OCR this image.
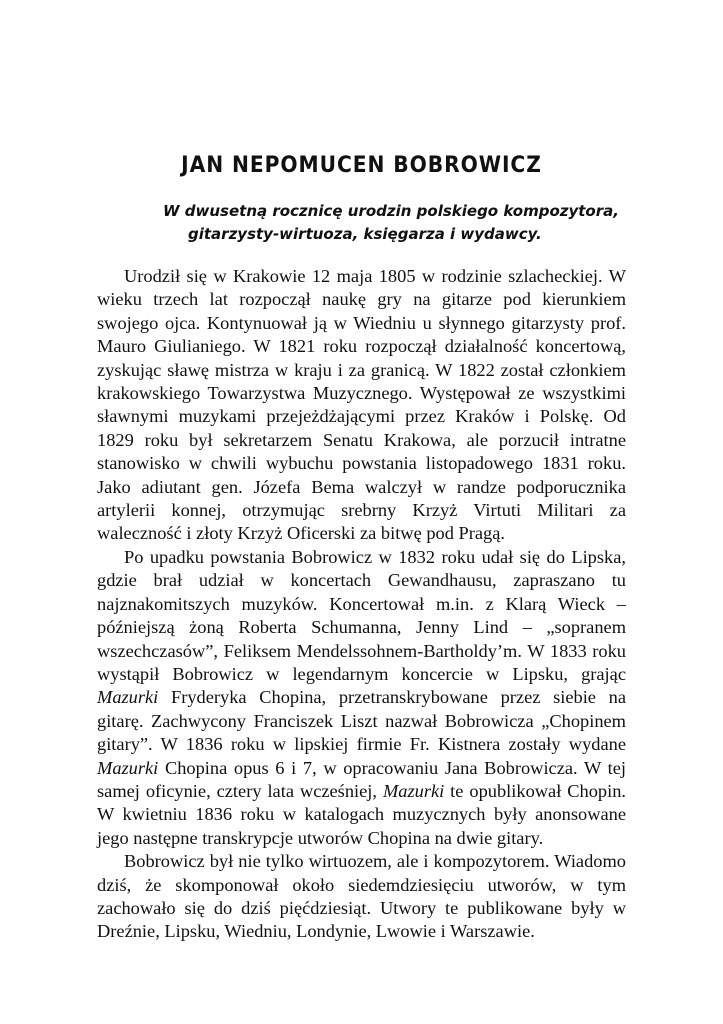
JAN NEPOMUCEN BOBROWICZ
W dwusetną rocznicę urodzin polskiego kompozytora,
gitarzysty-wirtuoza, księgarza i wydawcy.

Urodził się w Krakowie 12 maja 1805 w rodzinie szlacheckiej. W wieku trzech lat rozpoczął naukę gry na gitarze pod kierunkiem swojego ojca. Kontynuował ją w Wiedniu u słynnego gitarzysty prof. Mauro Giulianiego. W 1821 roku rozpoczął działalność koncertową, zyskując sławę mistrza w kraju i za granicą. W 1822 został członkiem krakowskiego Towarzystwa Muzycznego. Występował ze wszystkimi sławnymi muzykami przejeżdżającymi przez Kraków i Polskę. Od 1829 roku był sekretarzem Senatu Krakowa, ale porzucił intratne stanowisko w chwili wybuchu powstania listopadowego 1831 roku. Jako adiutant gen. Józefa Bema walczył w randze podporucznika artylerii konnej, otrzymując srebrny Krzyż Virtuti Militari za waleczność i złoty Krzyż Oficerski za bitwę pod Pragą.

Po upadku powstania Bobrowicz w 1832 roku udał się do Lipska, gdzie brał udział w koncertach Gewandhausu, zapraszano tu najznakomitszych muzyków. Koncertował m.in. z Klarą Wieck – późniejszą żoną Roberta Schumanna, Jenny Lind – „sopranem wszechczasów”, Feliksem Mendelssohnem-Bartholdy’m. W 1833 roku wystąpił Bobrowicz w legendarnym koncercie w Lipsku, grając Mazurki Fryderyka Chopina, przetranskrybowane przez siebie na gitarę. Zachwycony Franciszek Liszt nazwał Bobrowicza „Chopinem gitary”. W 1836 roku w lipskiej firmie Fr. Kistnera zostały wydane Mazurki Chopina opus 6 i 7, w opracowaniu Jana Bobrowicza. W tej samej oficynie, cztery lata wcześniej, Mazurki te opublikował Chopin. W kwietniu 1836 roku w katalogach muzycznych były anonsowane jego następne transkrypcje utworów Chopina na dwie gitary.

Bobrowicz był nie tylko wirtuozem, ale i kompozytorem. Wiadomo dziś, że skomponował około siedemdziesięciu utworów, w tym zachowało się do dziś pięćdziesiąt. Utwory te publikowane były w Dreźnie, Lipsku, Wiedniu, Londynie, Lwowie i Warszawie.
